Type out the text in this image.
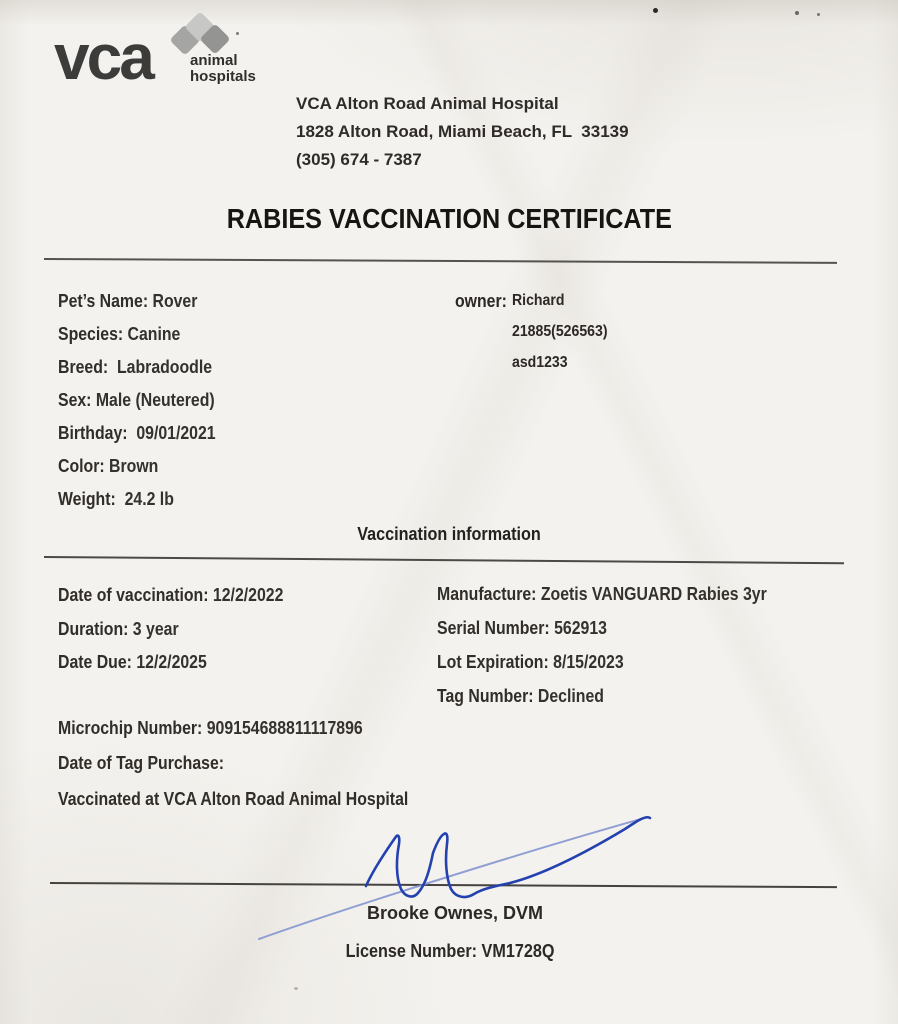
vca	animal
hospitals
VCA Alton Road Animal Hospital
1828 Alton Road, Miami Beach, FL  33139
(305) 674 - 7387
RABIES VACCINATION CERTIFICATE
Pet’s Name: Rover
Species: Canine
Breed:  Labradoodle
Sex: Male (Neutered)
Birthday:  09/01/2021
Color: Brown
Weight:  24.2 lb
owner: Richard
21885(526563)
asd1233
Vaccination information
Date of vaccination: 12/2/2022
Duration: 3 year
Date Due: 12/2/2025
Manufacture: Zoetis VANGUARD Rabies 3yr
Serial Number: 562913
Lot Expiration: 8/15/2023
Tag Number: Declined
Microchip Number: 909154688811117896
Date of Tag Purchase:
Vaccinated at VCA Alton Road Animal Hospital
Brooke Ownes, DVM
License Number: VM1728Q
